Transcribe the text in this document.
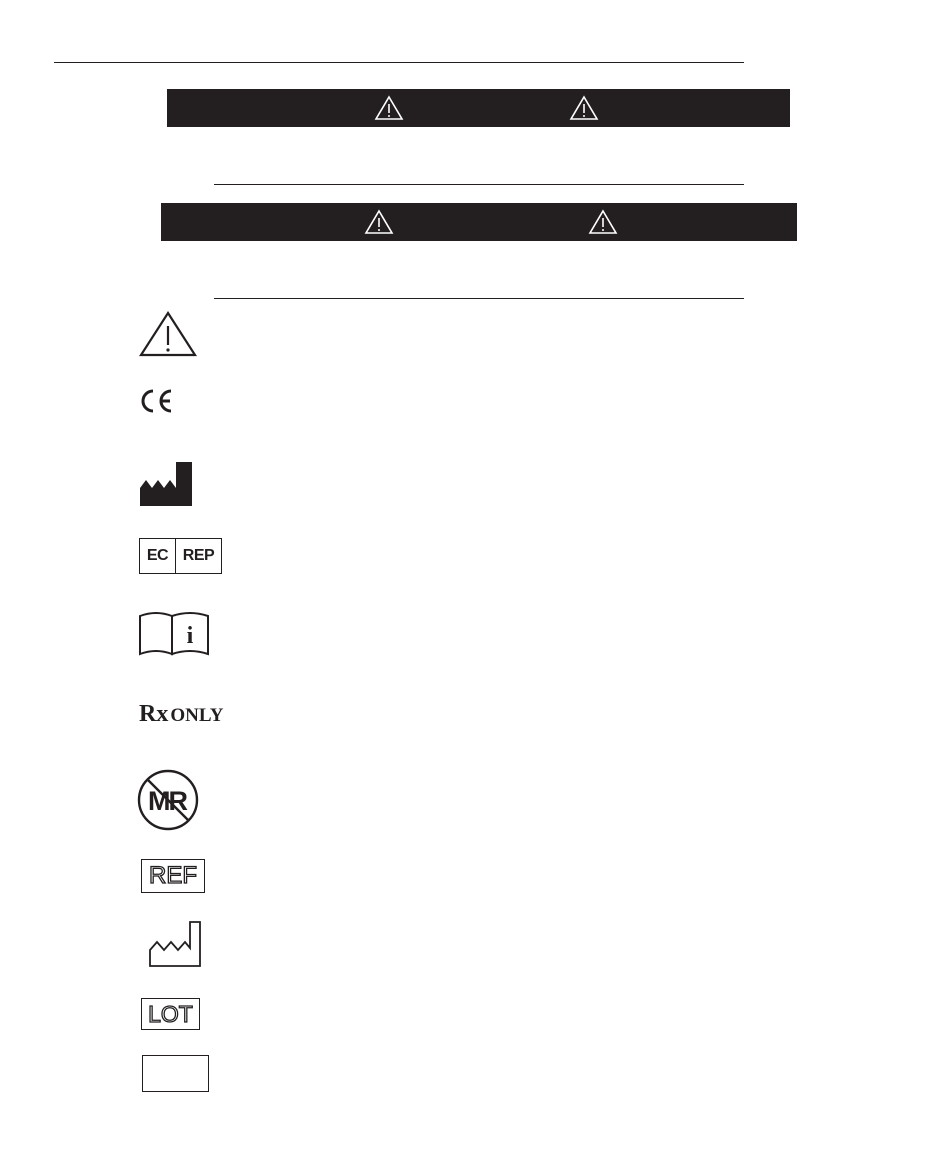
EC REP
i
Rx ONLY
MR
REF
LOT
